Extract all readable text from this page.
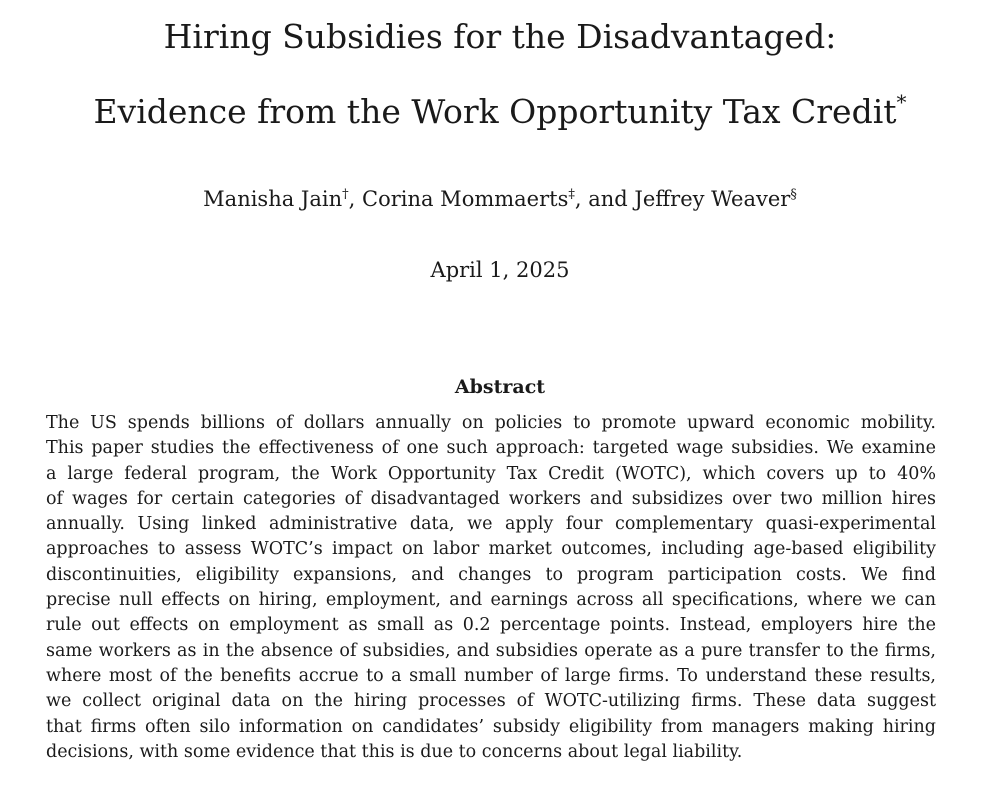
Hiring Subsidies for the Disadvantaged:
Evidence from the Work Opportunity Tax Credit*
Manisha Jain†, Corina Mommaerts‡, and Jeffrey Weaver§
April 1, 2025
Abstract
The US spends billions of dollars annually on policies to promote upward economic mobility.
This paper studies the effectiveness of one such approach: targeted wage subsidies. We examine
a large federal program, the Work Opportunity Tax Credit (WOTC), which covers up to 40%
of wages for certain categories of disadvantaged workers and subsidizes over two million hires
annually. Using linked administrative data, we apply four complementary quasi-experimental
approaches to assess WOTC’s impact on labor market outcomes, including age-based eligibility
discontinuities, eligibility expansions, and changes to program participation costs. We find
precise null effects on hiring, employment, and earnings across all specifications, where we can
rule out effects on employment as small as 0.2 percentage points. Instead, employers hire the
same workers as in the absence of subsidies, and subsidies operate as a pure transfer to the firms,
where most of the benefits accrue to a small number of large firms. To understand these results,
we collect original data on the hiring processes of WOTC-utilizing firms. These data suggest
that firms often silo information on candidates’ subsidy eligibility from managers making hiring
decisions, with some evidence that this is due to concerns about legal liability.
